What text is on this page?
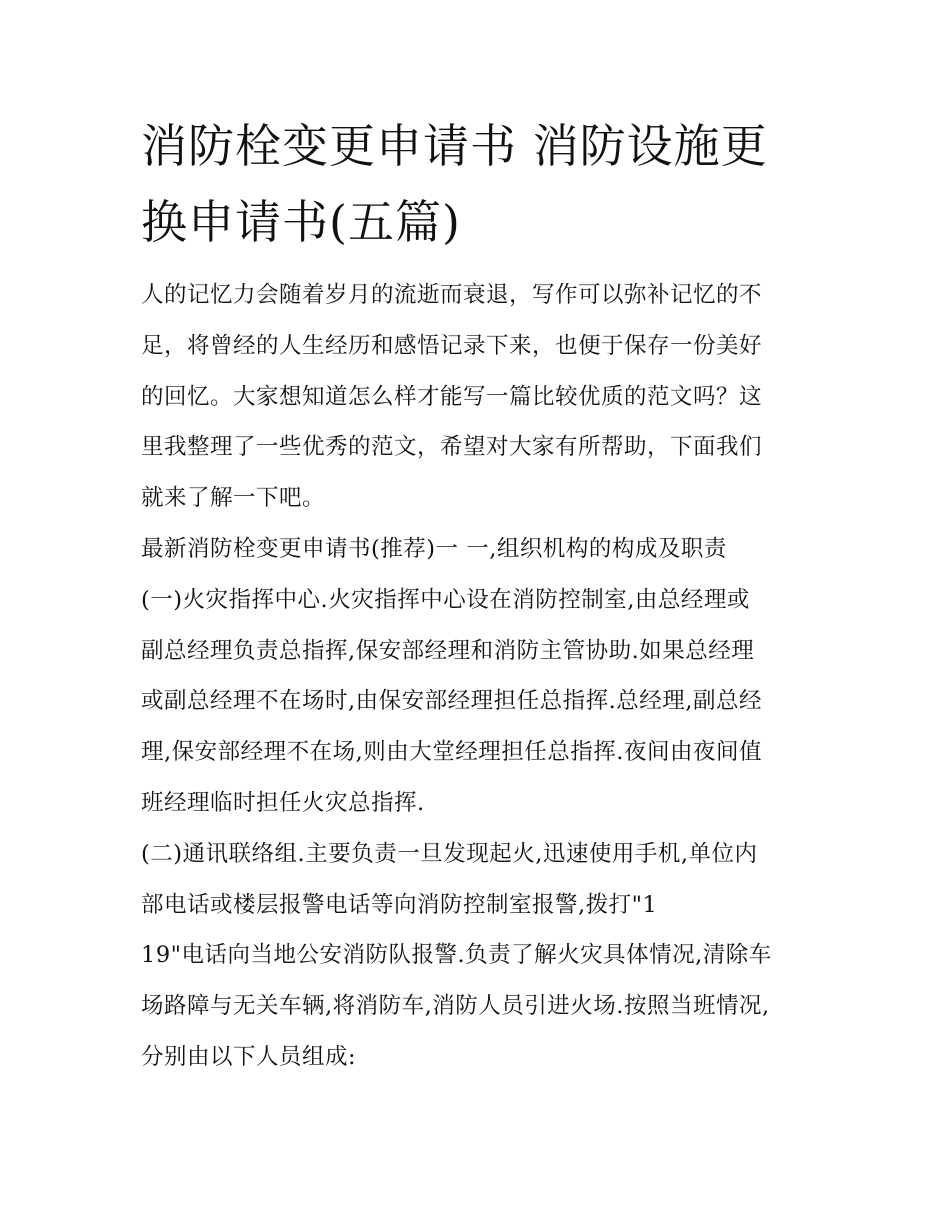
消防栓变更申请书 消防设施更
换申请书(五篇)
人的记忆力会随着岁月的流逝而衰退，写作可以弥补记忆的不
足，将曾经的人生经历和感悟记录下来，也便于保存一份美好
的回忆。大家想知道怎么样才能写一篇比较优质的范文吗？这
里我整理了一些优秀的范文，希望对大家有所帮助，下面我们
就来了解一下吧。
最新消防栓变更申请书(推荐)一 一,组织机构的构成及职责
(一)火灾指挥中心.火灾指挥中心设在消防控制室,由总经理或
副总经理负责总指挥,保安部经理和消防主管协助.如果总经理
或副总经理不在场时,由保安部经理担任总指挥.总经理,副总经
理,保安部经理不在场,则由大堂经理担任总指挥.夜间由夜间值
班经理临时担任火灾总指挥.
(二)通讯联络组.主要负责一旦发现起火,迅速使用手机,单位内
部电话或楼层报警电话等向消防控制室报警,拨打"1
19"电话向当地公安消防队报警.负责了解火灾具体情况,清除车
场路障与无关车辆,将消防车,消防人员引进火场.按照当班情况,
分别由以下人员组成:
